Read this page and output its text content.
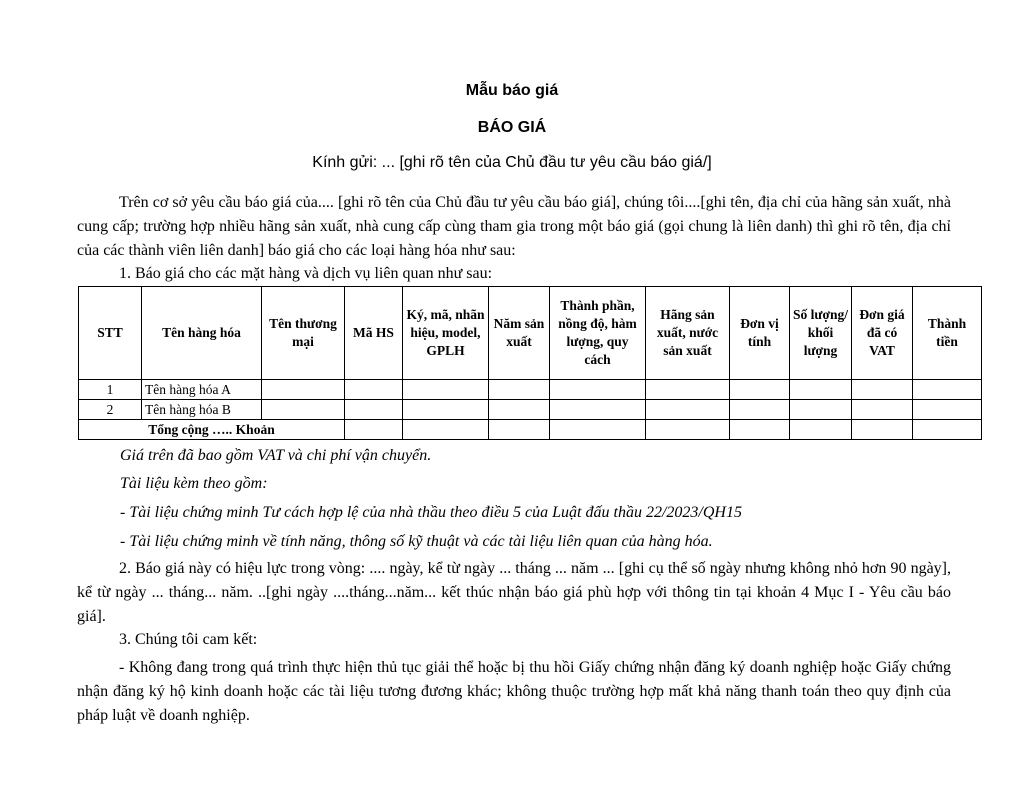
Mẫu báo giá

BÁO GIÁ

Kính gửi: ... [ghi rõ tên của Chủ đầu tư yêu cầu báo giá/]

Trên cơ sở yêu cầu báo giá của.... [ghi rõ tên của Chủ đầu tư yêu cầu báo giá], chúng tôi....[ghi tên, địa chỉ của hãng sản xuất, nhà cung cấp; trường hợp nhiều hãng sản xuất, nhà cung cấp cùng tham gia trong một báo giá (gọi chung là liên danh) thì ghi rõ tên, địa chỉ của các thành viên liên danh] báo giá cho các loại hàng hóa như sau:

1. Báo giá cho các mặt hàng và dịch vụ liên quan như sau:

STT	Tên hàng hóa	Tên thương mại	Mã HS	Ký, mã, nhãn hiệu, model, GPLH	Năm sản xuất	Thành phần, nồng độ, hàm lượng, quy cách	Hãng sản xuất, nước sản xuất	Đơn vị tính	Số lượng/ khối lượng	Đơn giá đã có VAT	Thành tiền
1	Tên hàng hóa A										
2	Tên hàng hóa B										
Tổng cộng ….. Khoản											

Giá trên đã bao gồm VAT và chi phí vận chuyển.

Tài liệu kèm theo gồm:

- Tài liệu chứng minh Tư cách hợp lệ của nhà thầu theo điều 5 của Luật đấu thầu 22/2023/QH15

- Tài liệu chứng minh về tính năng, thông số kỹ thuật và các tài liệu liên quan của hàng hóa.

2. Báo giá này có hiệu lực trong vòng: .... ngày, kể từ ngày ... tháng ... năm ... [ghi cụ thể số ngày nhưng không nhỏ hơn 90 ngày], kể từ ngày ... tháng... năm. ..[ghi ngày ....tháng...năm... kết thúc nhận báo giá phù hợp với thông tin tại khoản 4 Mục I - Yêu cầu báo giá].

3. Chúng tôi cam kết:

- Không đang trong quá trình thực hiện thủ tục giải thể hoặc bị thu hồi Giấy chứng nhận đăng ký doanh nghiệp hoặc Giấy chứng nhận đăng ký hộ kinh doanh hoặc các tài liệu tương đương khác; không thuộc trường hợp mất khả năng thanh toán theo quy định của pháp luật về doanh nghiệp.
